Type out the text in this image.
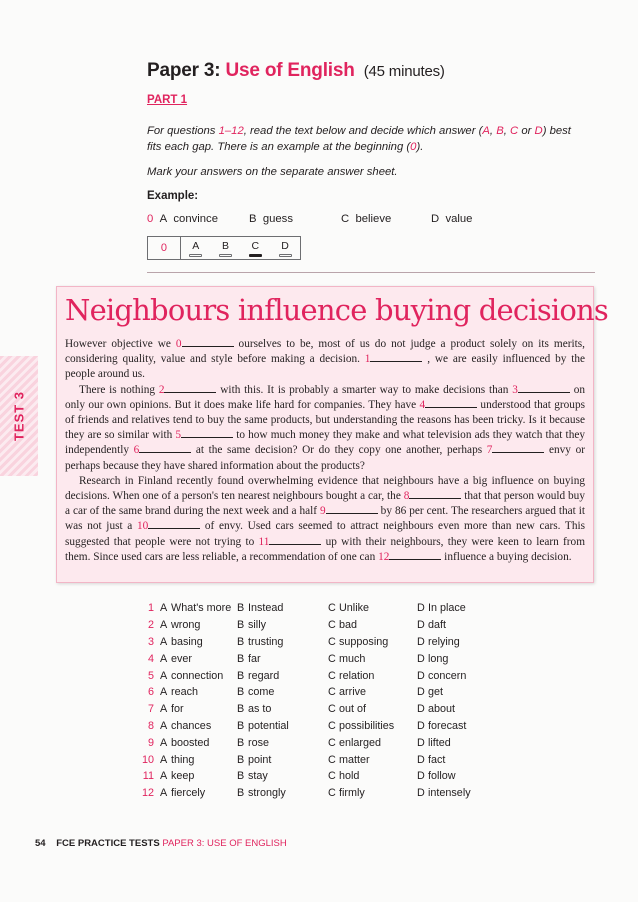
Paper 3: Use of English (45 minutes)
PART 1
For questions 1–12, read the text below and decide which answer (A, B, C or D) best fits each gap. There is an example at the beginning (0).
Mark your answers on the separate answer sheet.
Example:
0 A convince	B guess	C believe	D value
0	A B C D
TEST 3
Neighbours influence buying decisions

However objective we 0	ourselves to be, most of us do not judge a product solely on its merits, considering quality, value and style before making a decision. 1	, we are easily influenced by the people around us.

There is nothing 2	with this. It is probably a smarter way to make decisions than 3	on only our own opinions. But it does make life hard for companies. They have 4	understood that groups of friends and relatives tend to buy the same products, but understanding the reasons has been tricky. Is it because they are so similar with 5	to how much money they make and what television ads they watch that they independently 6	at the same decision? Or do they copy one another, perhaps 7	envy or perhaps because they have shared information about the products?

Research in Finland recently found overwhelming evidence that neighbours have a big influence on buying decisions. When one of a person's ten nearest neighbours bought a car, the 8	that that person would buy a car of the same brand during the next week and a half 9	by 86 per cent. The researchers argued that it was not just a 10	of envy. Used cars seemed to attract neighbours even more than new cars. This suggested that people were not trying to 11	up with their neighbours, they were keen to learn from them. Since used cars are less reliable, a recommendation of one can 12	influence a buying decision.

1	A	What's more	B	Instead	C	Unlike	D	In place
2	A	wrong	B	silly	C	bad	D	daft
3	A	basing	B	trusting	C	supposing	D	relying
4	A	ever	B	far	C	much	D	long
5	A	connection	B	regard	C	relation	D	concern
6	A	reach	B	come	C	arrive	D	get
7	A	for	B	as to	C	out of	D	about
8	A	chances	B	potential	C	possibilities	D	forecast
9	A	boosted	B	rose	C	enlarged	D	lifted
10	A	thing	B	point	C	matter	D	fact
11	A	keep	B	stay	C	hold	D	follow
12	A	fiercely	B	strongly	C	firmly	D	intensely
54 FCE PRACTICE TESTS PAPER 3: USE OF ENGLISH
